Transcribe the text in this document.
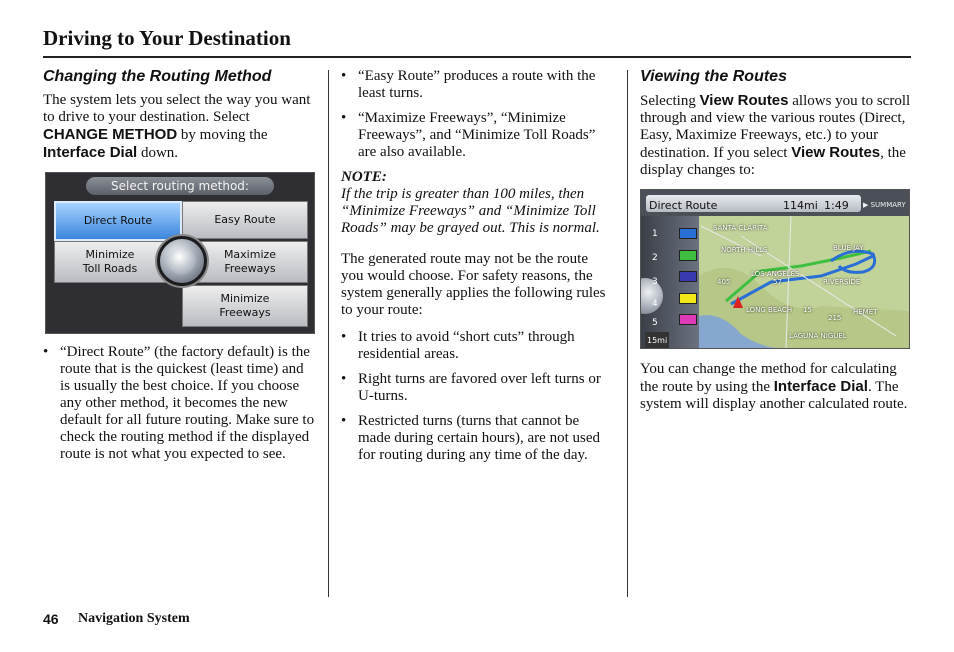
Driving to Your Destination
Changing the Routing Method

The system lets you select the way you want to drive to your destination. Select CHANGE METHOD by moving the Interface Dial down.

Select routing method:
Direct Route	Easy Route
Minimize
Toll Roads
Maximize
Freeways
Minimize
Freeways
• “Direct Route” (the factory default) is the route that is the quickest (least time) and is usually the best choice. If you choose any other method, it becomes the new default for all future routing. Make sure to check the routing method if the displayed route is not what you expected to see.
• “Easy Route” produces a route with the least turns.
• “Maximize Freeways”, “Minimize Freeways”, and “Minimize Toll Roads” are also available.

NOTE:

If the trip is greater than 100 miles, then “Minimize Freeways” and “Minimize Toll Roads” may be grayed out. This is normal.

The generated route may not be the route you would choose. For safety reasons, the system generally applies the following rules to your route:

• It tries to avoid “short cuts” through residential areas.
• Right turns are favored over left turns or U-turns.
• Restricted turns (turns that cannot be made during certain hours), are not used for routing during any time of the day.
Viewing the Routes

Selecting View Routes allows you to scroll through and view the various routes (Direct, Easy, Maximize Freeways, etc.) to your destination. If you select View Routes, the display changes to:

Direct Route	114mi 1:49 ▶ SUMMARY
1
2
3
4
5
SANTA CLARITA
NORTH HILLS
LOS ANGELES
RIVERSIDE
LONG BEACH	HEMET
LAGUNA NIGUEL
BLUE JAY
405	57
15
215
15mi

You can change the method for calculating the route by using the Interface Dial. The system will display another calculated route.

46 Navigation System
